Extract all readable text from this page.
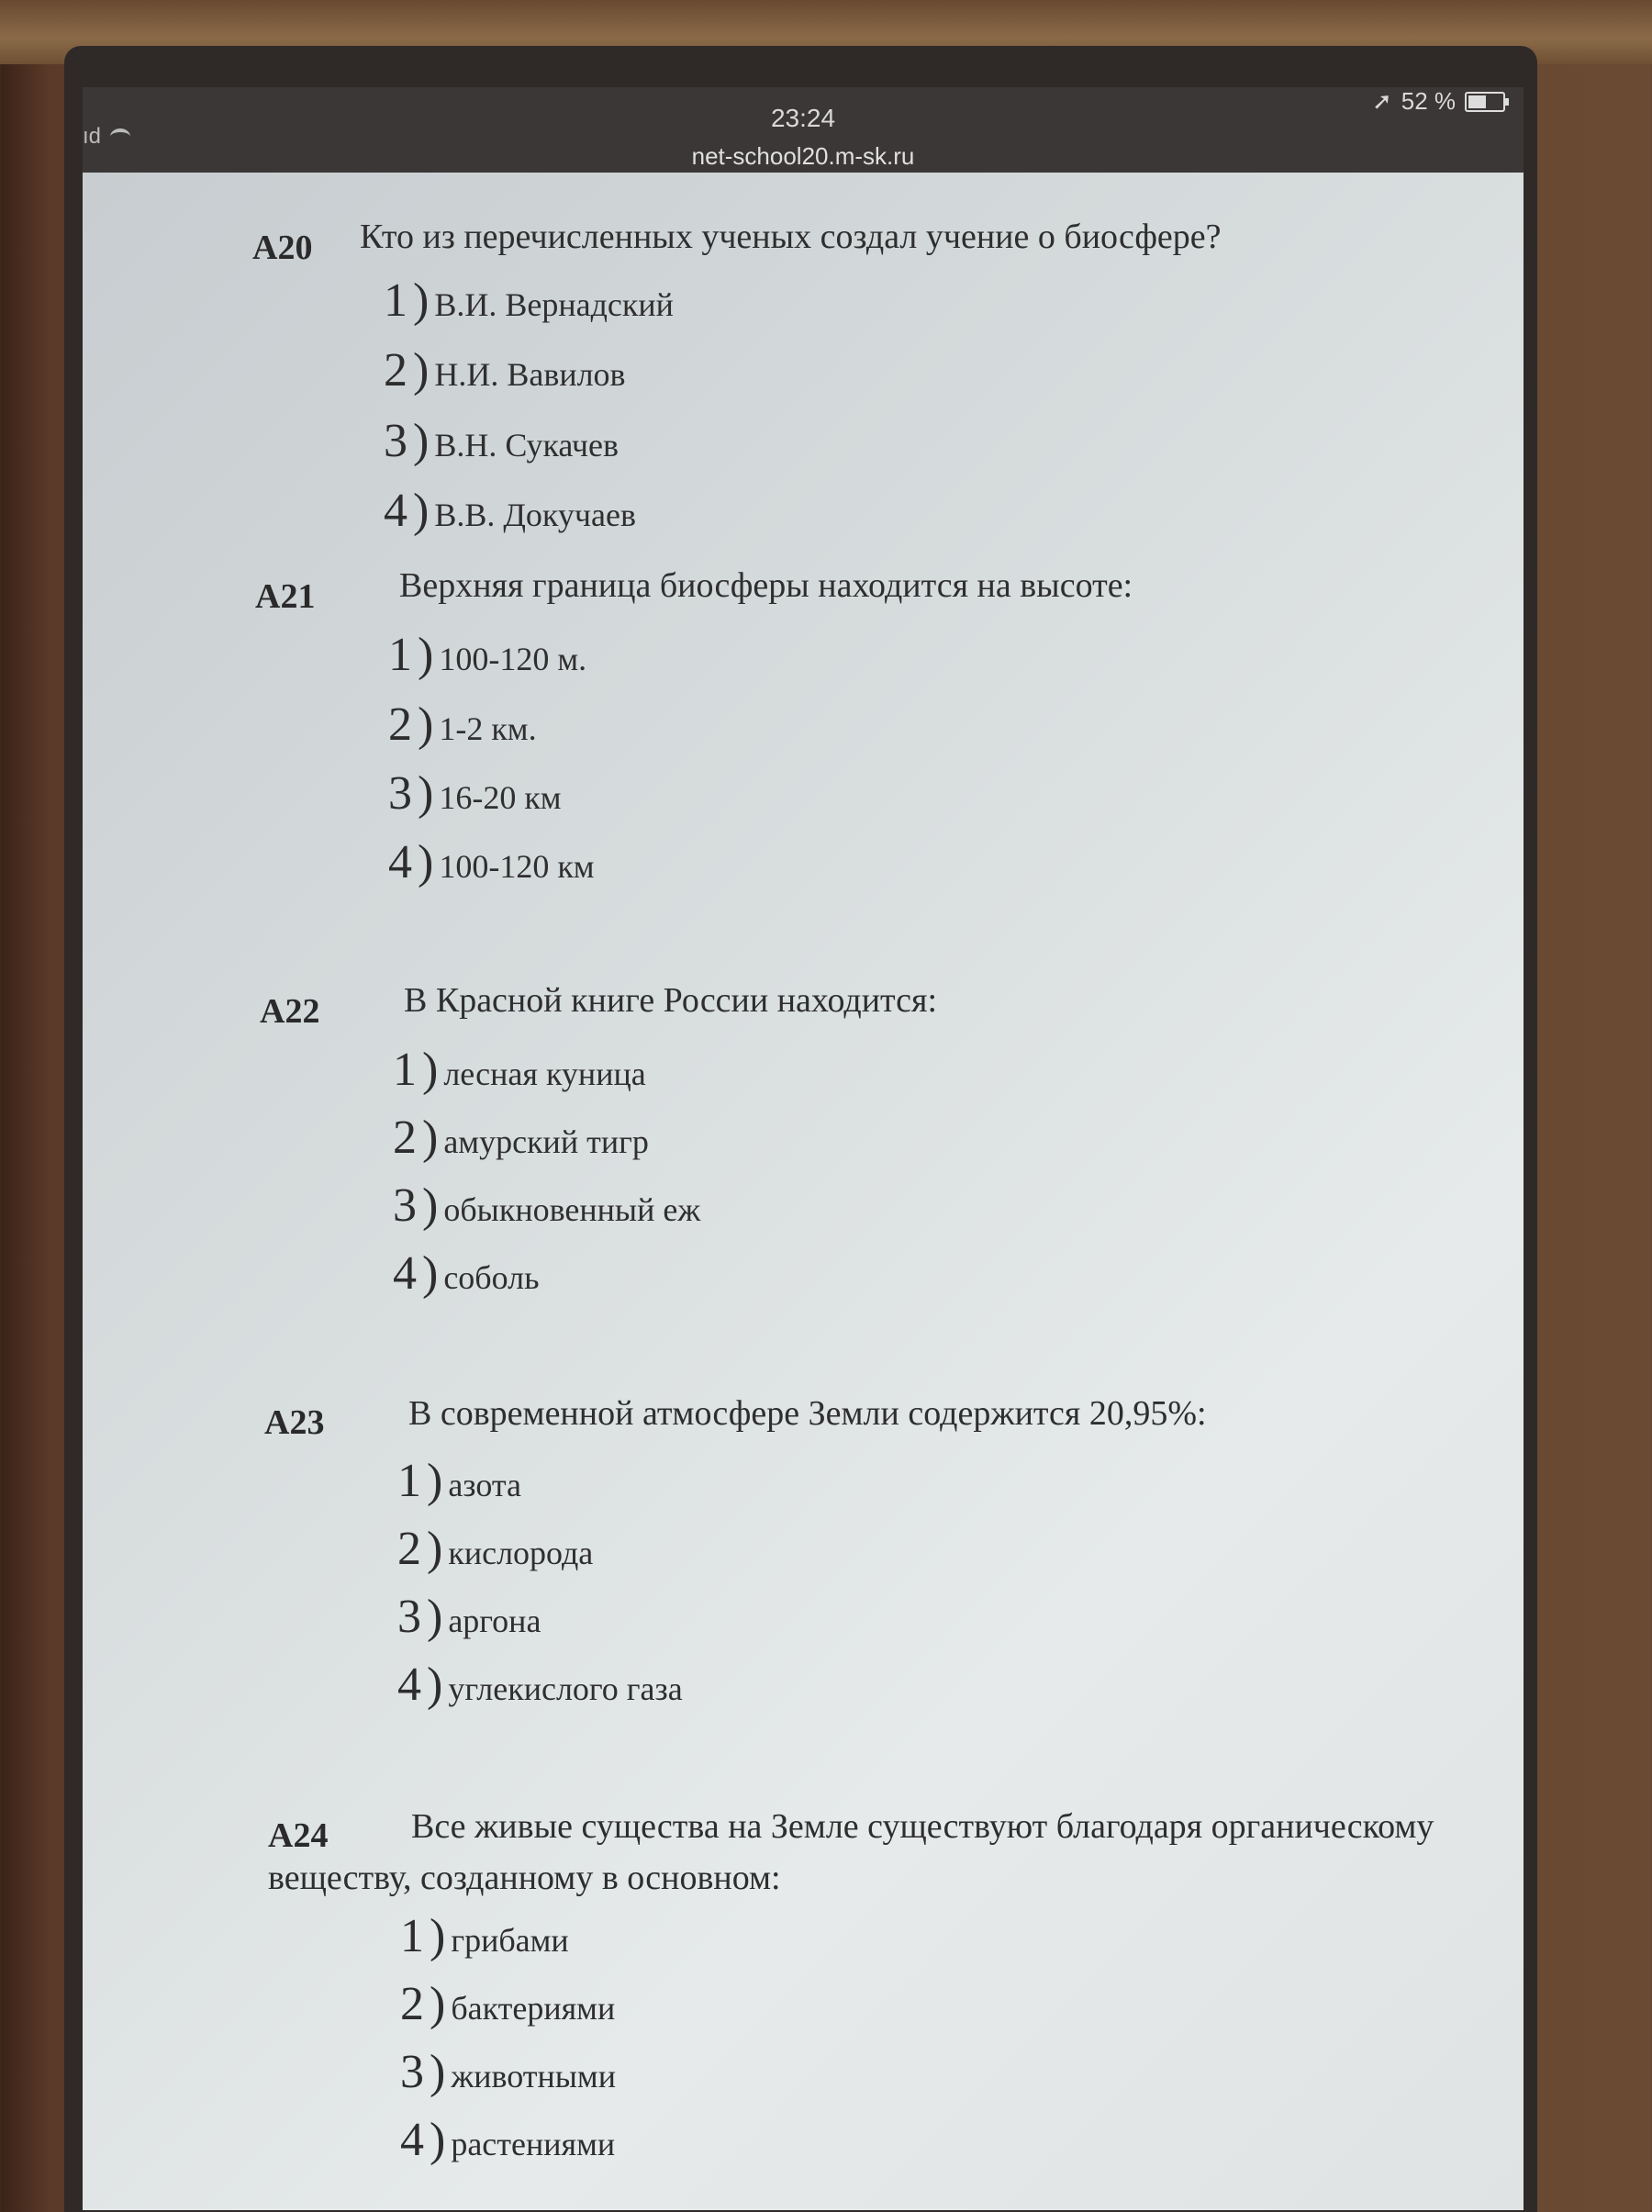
ıd
23:24
net-school20.m-sk.ru
➚ 52 %
A20 Кто из перечисленных ученых создал учение о биосфере?
1 ) В.И. Вернадский
2 ) Н.И. Вавилов
3 ) В.Н. Сукачев
4 ) В.В. Докучаев
A21 Верхняя граница биосферы находится на высоте:
1 ) 100-120 м.
2 ) 1-2 км.
3 ) 16-20 км
4 ) 100-120 км
A22 В Красной книге России находится:
1 ) лесная куница
2 ) амурский тигр
3 ) обыкновенный еж
4 ) соболь
A23 В современной атмосфере Земли содержится 20,95%:
1 ) азота
2 ) кислорода
3 ) аргона
4 ) углекислого газа
A24 Все живые существа на Земле существуют благодаря органическому
веществу, созданному в основном:
1 ) грибами
2 ) бактериями
3 ) животными
4 ) растениями
